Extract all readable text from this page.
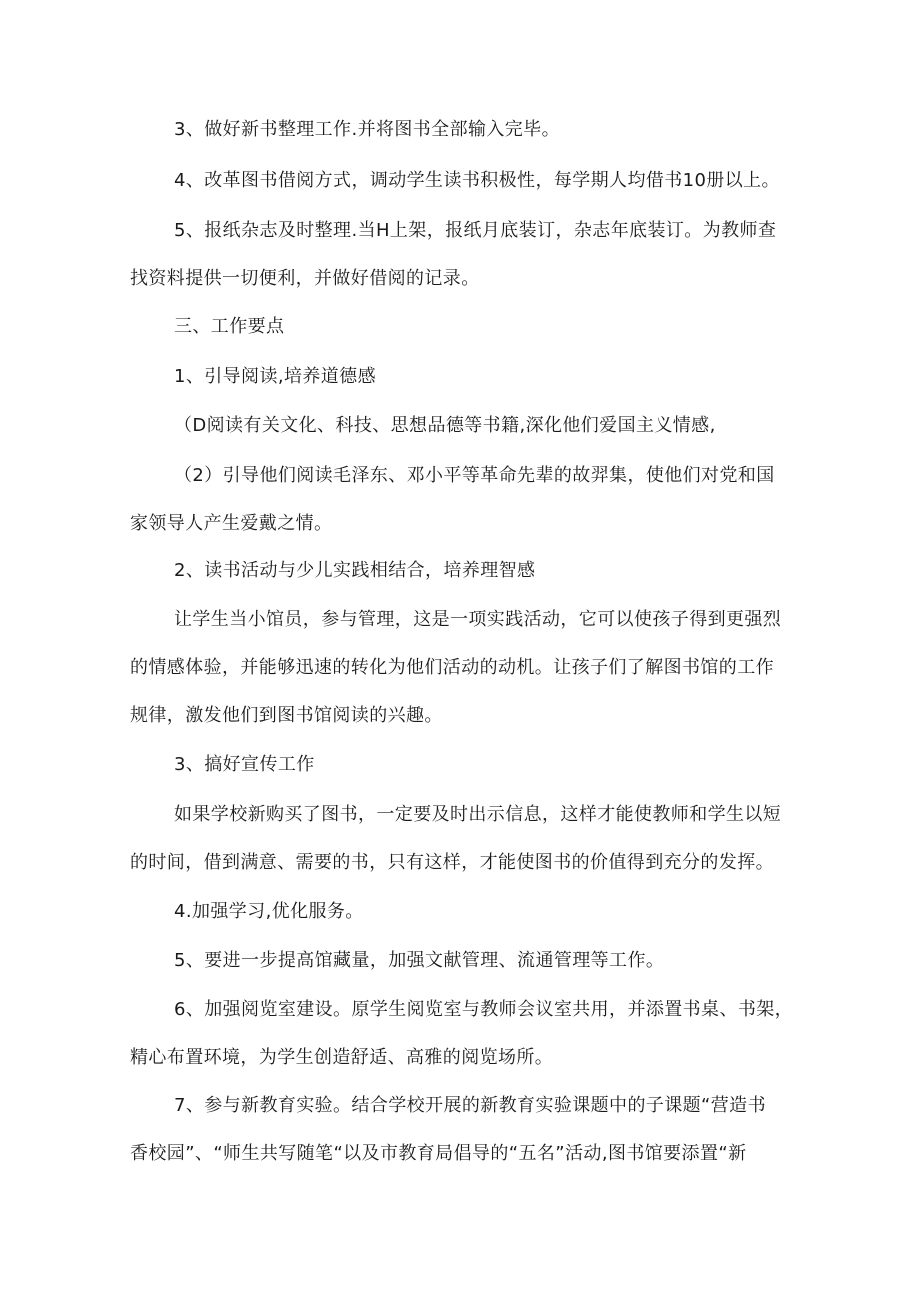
3、做好新书整理工作.并将图书全部输入完毕。

4、改革图书借阅方式，调动学生读书积极性，每学期人均借书10册以上。

5、报纸杂志及时整理.当H上架，报纸月底装订，杂志年底装订。为教师查
找资料提供一切便利，并做好借阅的记录。

三、工作要点

1、引导阅读,培养道德感

（D阅读有关文化、科技、思想品德等书籍,深化他们爱国主义情感,

（2）引导他们阅读毛泽东、邓小平等革命先辈的故羿集，使他们对党和国
家领导人产生爱戴之情。

2、读书活动与少儿实践相结合，培养理智感

让学生当小馆员，参与管理，这是一项实践活动，它可以使孩子得到更强烈
的情感体验，并能够迅速的转化为他们活动的动机。让孩子们了解图书馆的工作
规律，激发他们到图书馆阅读的兴趣。

3、搞好宣传工作

如果学校新购买了图书，一定要及时出示信息，这样才能使教师和学生以短
的时间，借到满意、需要的书，只有这样，才能使图书的价值得到充分的发挥。

4.加强学习,优化服务。

5、要进一步提高馆藏量，加强文献管理、流通管理等工作。

6、加强阅览室建设。原学生阅览室与教师会议室共用，并添置书桌、书架，
精心布置环境，为学生创造舒适、高雅的阅览场所。

7、参与新教育实验。结合学校开展的新教育实验课题中的子课题“营造书
香校园”、“师生共写随笔“以及市教育局倡导的“五名”活动,图书馆要添置“新
